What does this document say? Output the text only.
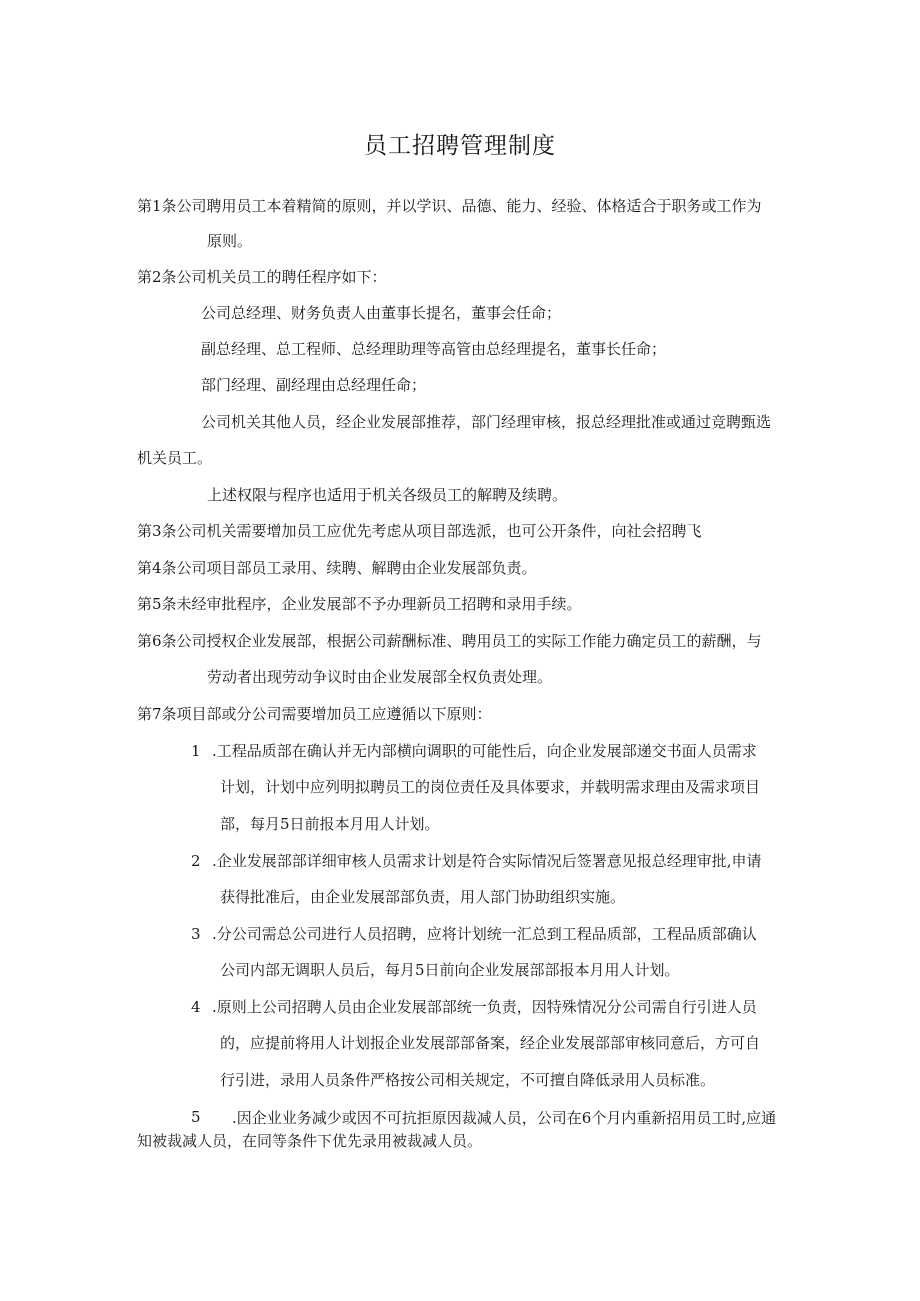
员工招聘管理制度
第1条公司聘用员工本着精简的原则，并以学识、品德、能力、经验、体格适合于职务或工作为
原则。
第2条公司机关员工的聘任程序如下：
公司总经理、财务负责人由董事长提名，董事会任命；
副总经理、总工程师、总经理助理等高管由总经理提名，董事长任命；
部门经理、副经理由总经理任命；
公司机关其他人员，经企业发展部推荐，部门经理审核，报总经理批准或通过竞聘甄选
机关员工。
上述权限与程序也适用于机关各级员工的解聘及续聘。
第3条公司机关需要增加员工应优先考虑从项目部选派，也可公开条件，向社会招聘飞
第4条公司项目部员工录用、续聘、解聘由企业发展部负责。
第5条未经审批程序，企业发展部不予办理新员工招聘和录用手续。
第6条公司授权企业发展部，根据公司薪酬标准、聘用员工的实际工作能力确定员工的薪酬，与
劳动者出现劳动争议时由企业发展部全权负责处理。
第7条项目部或分公司需要增加员工应遵循以下原则：
1 .工程品质部在确认并无内部横向调职的可能性后，向企业发展部递交书面人员需求
计划，计划中应列明拟聘员工的岗位责任及具体要求，并载明需求理由及需求项目
部，每月5日前报本月用人计划。
2 .企业发展部部详细审核人员需求计划是符合实际情况后签署意见报总经理审批,申请
获得批准后，由企业发展部部负责，用人部门协助组织实施。
3 .分公司需总公司进行人员招聘，应将计划统一汇总到工程品质部，工程品质部确认
公司内部无调职人员后，每月5日前向企业发展部部报本月用人计划。
4 .原则上公司招聘人员由企业发展部部统一负责，因特殊情况分公司需自行引进人员
的，应提前将用人计划报企业发展部部备案，经企业发展部部审核同意后，方可自
行引进，录用人员条件严格按公司相关规定，不可擅自降低录用人员标准。
5	.因企业业务减少或因不可抗拒原因裁减人员，公司在6个月内重新招用员工时,应通知被裁减人员，在同等条件下优先录用被裁减人员。
